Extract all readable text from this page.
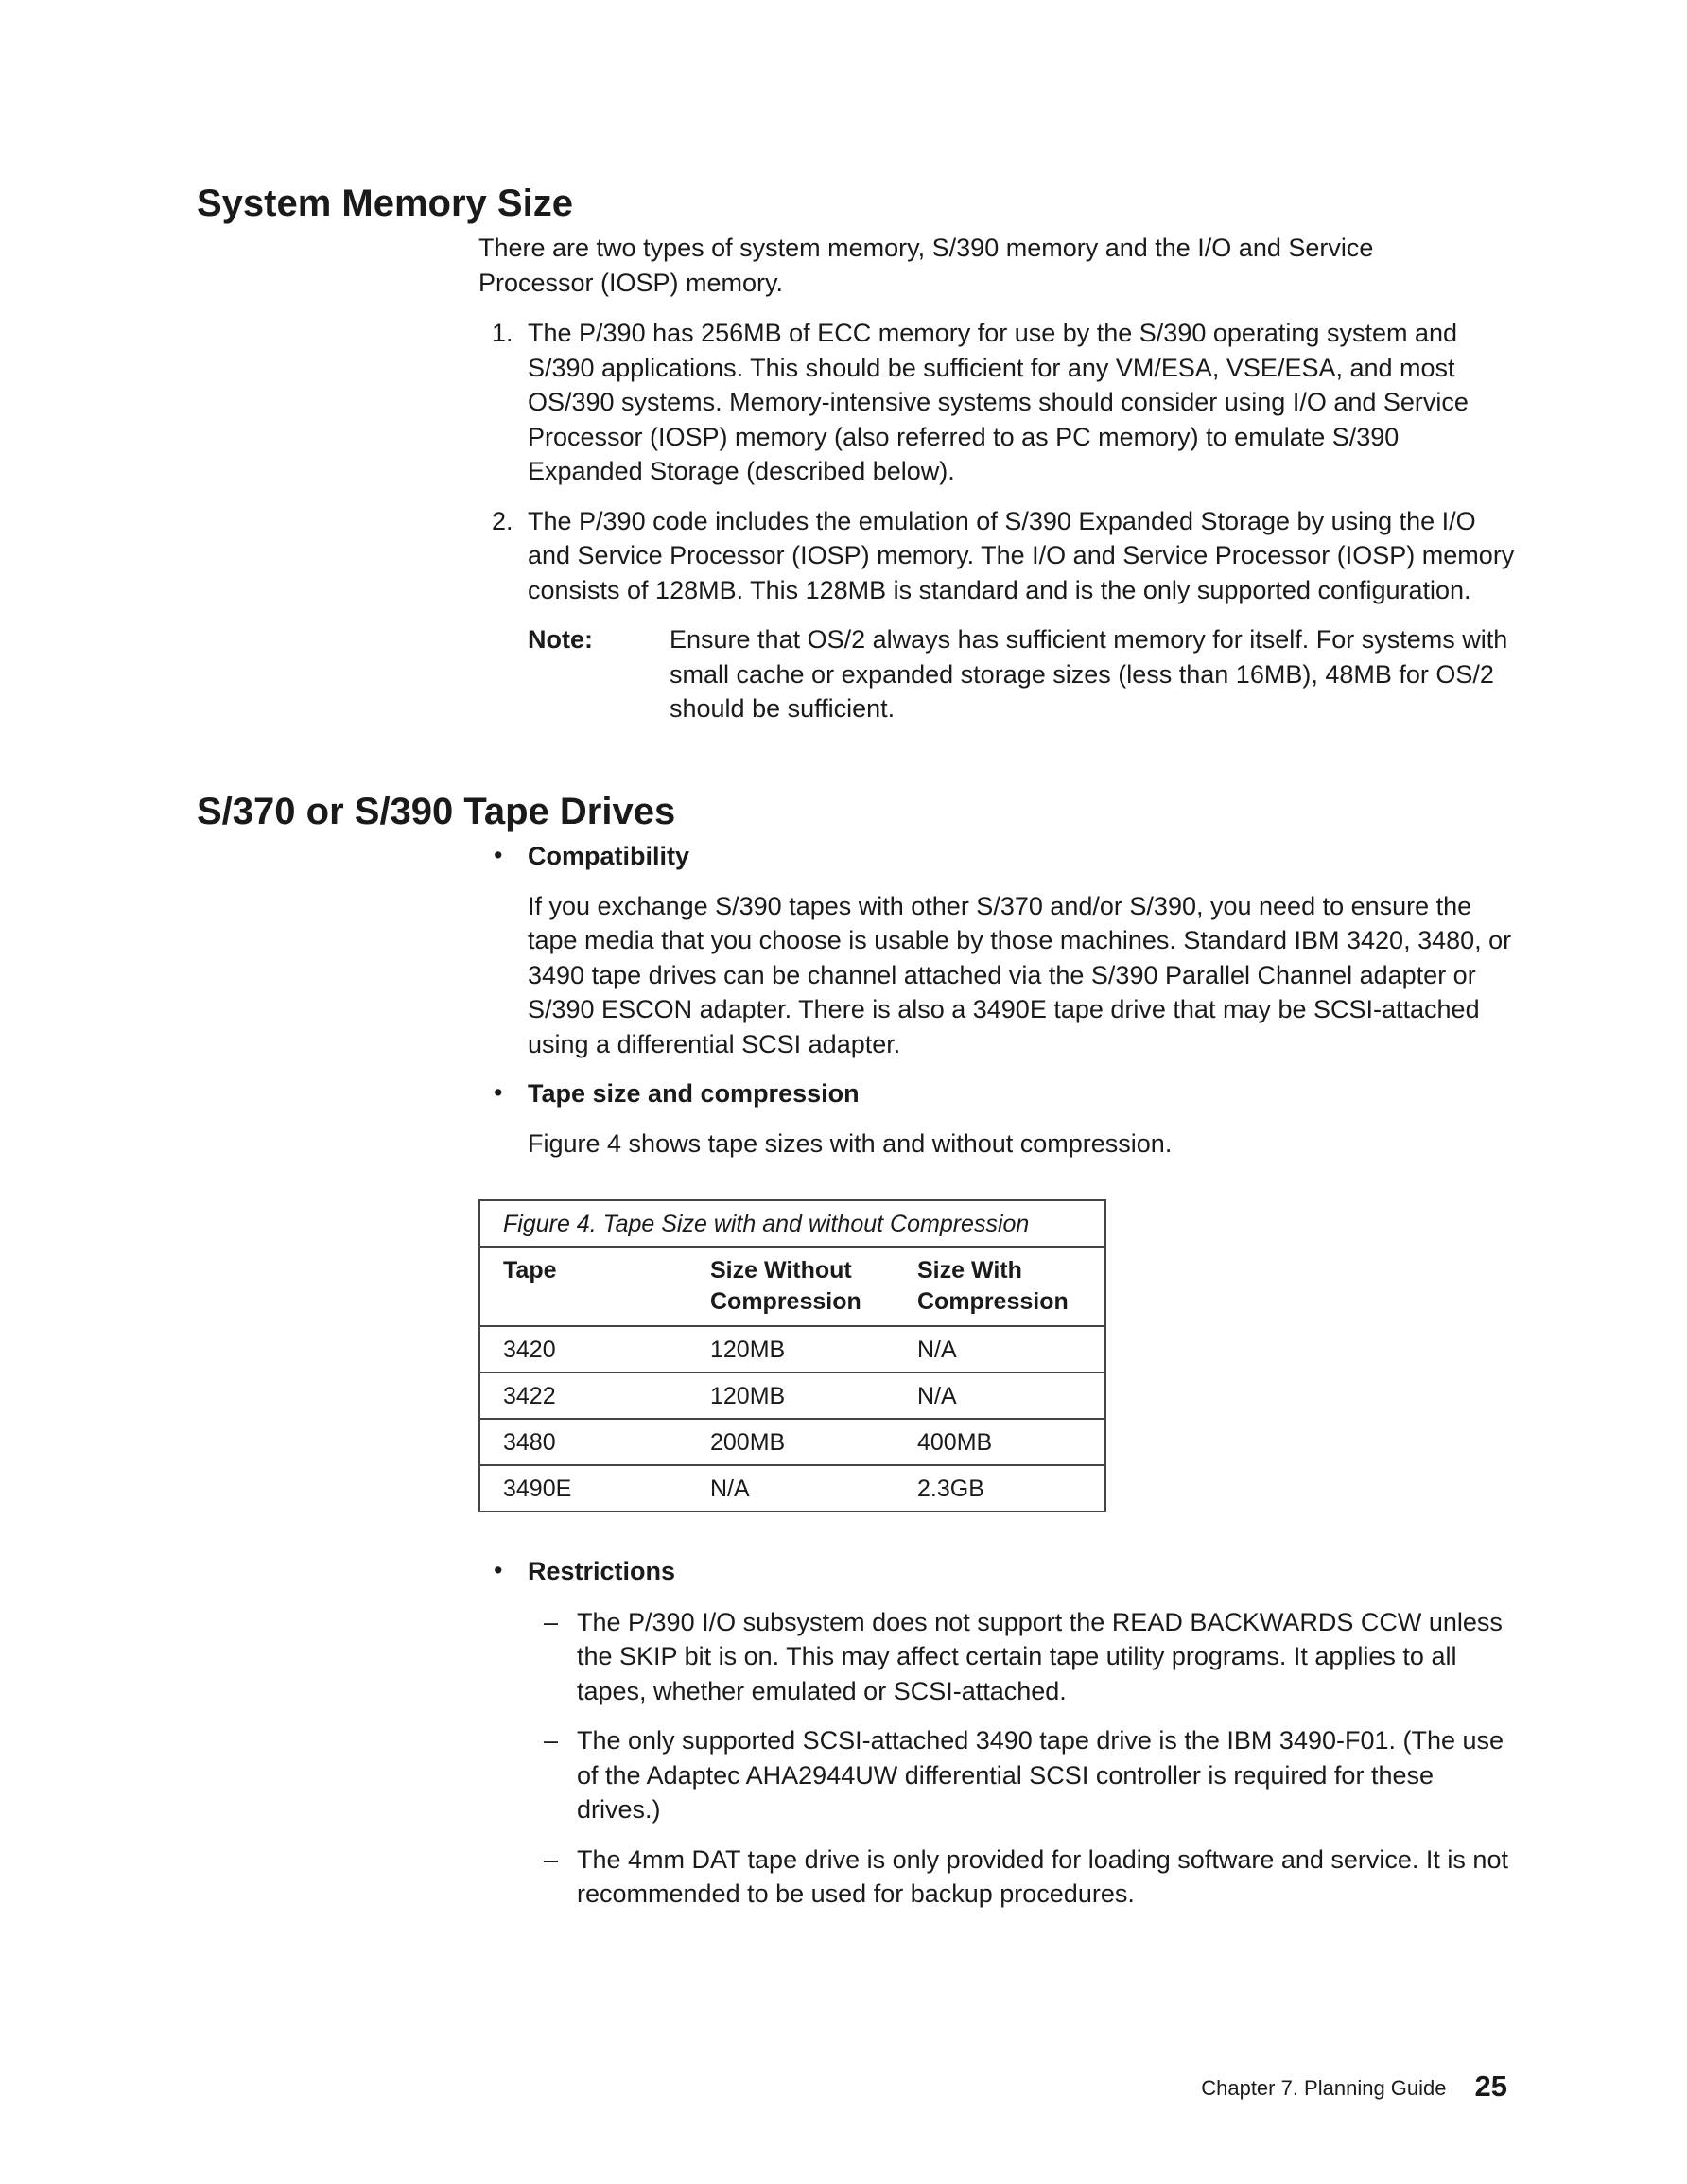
System Memory Size

There are two types of system memory, S/390 memory and the I/O and Service Processor (IOSP) memory.

1. The P/390 has 256MB of ECC memory for use by the S/390 operating system and S/390 applications. This should be sufficient for any VM/ESA, VSE/ESA, and most OS/390 systems. Memory-intensive systems should consider using I/O and Service Processor (IOSP) memory (also referred to as PC memory) to emulate S/390 Expanded Storage (described below).
2. The P/390 code includes the emulation of S/390 Expanded Storage by using the I/O and Service Processor (IOSP) memory. The I/O and Service Processor (IOSP) memory consists of 128MB. This 128MB is standard and is the only supported configuration.
Note:	Ensure that OS/2 always has sufficient memory for itself. For systems with small cache or expanded storage sizes (less than 16MB), 48MB for OS/2 should be sufficient.
S/370 or S/390 Tape Drives
• Compatibility

If you exchange S/390 tapes with other S/370 and/or S/390, you need to ensure the tape media that you choose is usable by those machines. Standard IBM 3420, 3480, or 3490 tape drives can be channel attached via the S/390 Parallel Channel adapter or S/390 ESCON adapter. There is also a 3490E tape drive that may be SCSI-attached using a differential SCSI adapter.

• Tape size and compression

Figure 4 shows tape sizes with and without compression.

Figure 4. Tape Size with and without Compression		
Tape	Size Without Compression	Size With Compression
3420	120MB	N/A
3422	120MB	N/A
3480	200MB	400MB
3490E	N/A	2.3GB
• Restrictions
– The P/390 I/O subsystem does not support the READ BACKWARDS CCW unless the SKIP bit is on. This may affect certain tape utility programs. It applies to all tapes, whether emulated or SCSI-attached.
– The only supported SCSI-attached 3490 tape drive is the IBM 3490-F01. (The use of the Adaptec AHA2944UW differential SCSI controller is required for these drives.)
– The 4mm DAT tape drive is only provided for loading software and service. It is not recommended to be used for backup procedures.
Chapter 7. Planning Guide 25
